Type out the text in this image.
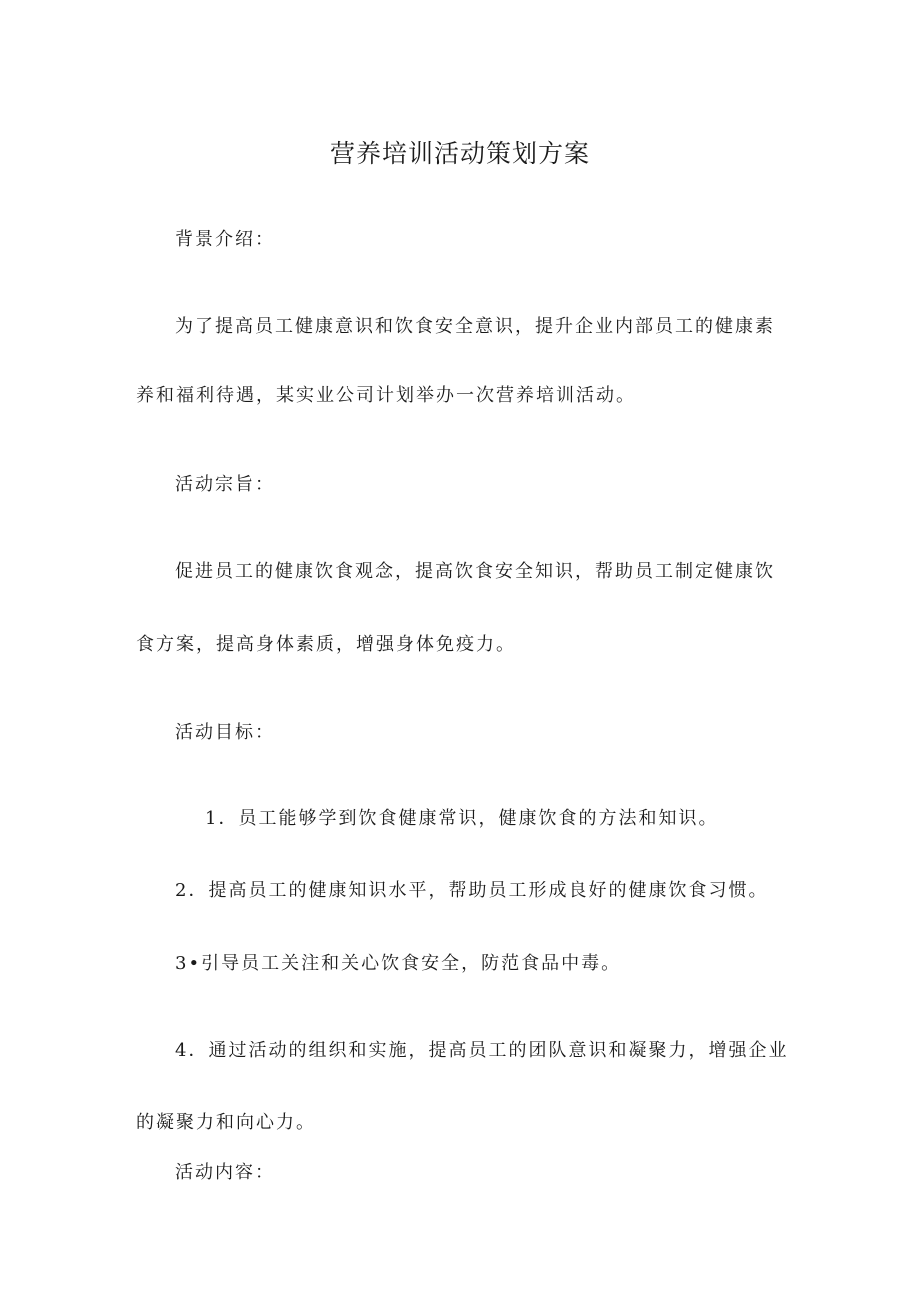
营养培训活动策划方案

背景介绍：

为了提高员工健康意识和饮食安全意识，提升企业内部员工的健康素

养和福利待遇，某实业公司计划举办一次营养培训活动。

活动宗旨：

促进员工的健康饮食观念，提高饮食安全知识，帮助员工制定健康饮

食方案，提高身体素质，增强身体免疫力。

活动目标：

1．员工能够学到饮食健康常识，健康饮食的方法和知识。

2．提高员工的健康知识水平，帮助员工形成良好的健康饮食习惯。

3•引导员工关注和关心饮食安全，防范食品中毒。

4．通过活动的组织和实施，提高员工的团队意识和凝聚力，增强企业

的凝聚力和向心力。

活动内容：
